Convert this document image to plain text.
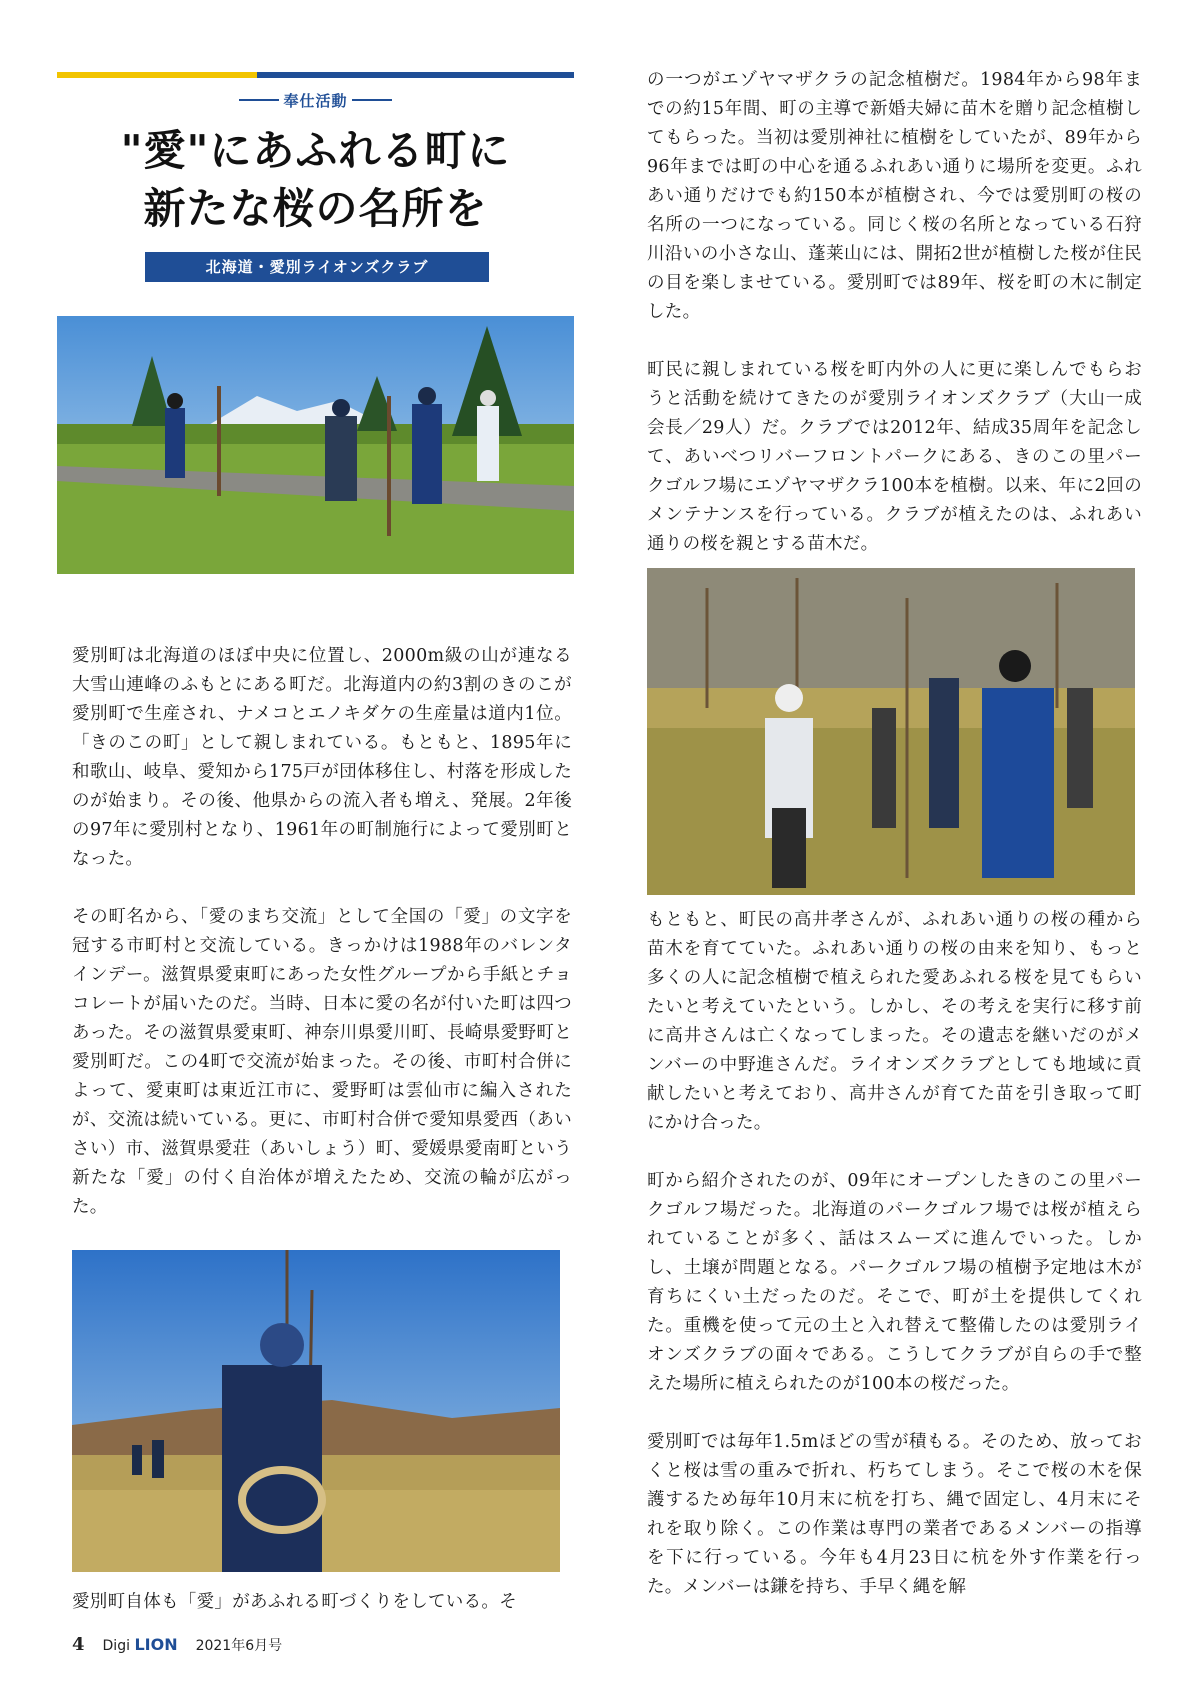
奉仕活動
"愛"にあふれる町に
新たな桜の名所を
北海道・愛別ライオンズクラブ

愛別町は北海道のほぼ中央に位置し、2000m級の山が連なる大雪山連峰のふもとにある町だ。北海道内の約3割のきのこが愛別町で生産され、ナメコとエノキダケの生産量は道内1位。「きのこの町」として親しまれている。もともと、1895年に和歌山、岐阜、愛知から175戸が団体移住し、村落を形成したのが始まり。その後、他県からの流入者も増え、発展。2年後の97年に愛別村となり、1961年の町制施行によって愛別町となった。

その町名から、「愛のまち交流」として全国の「愛」の文字を冠する市町村と交流している。きっかけは1988年のバレンタインデー。滋賀県愛東町にあった女性グループから手紙とチョコレートが届いたのだ。当時、日本に愛の名が付いた町は四つあった。その滋賀県愛東町、神奈川県愛川町、長崎県愛野町と愛別町だ。この4町で交流が始まった。その後、市町村合併によって、愛東町は東近江市に、愛野町は雲仙市に編入されたが、交流は続いている。更に、市町村合併で愛知県愛西（あいさい）市、滋賀県愛荘（あいしょう）町、愛媛県愛南町という新たな「愛」の付く自治体が増えたため、交流の輪が広がった。

愛別町自体も「愛」があふれる町づくりをしている。そ

の一つがエゾヤマザクラの記念植樹だ。1984年から98年までの約15年間、町の主導で新婚夫婦に苗木を贈り記念植樹してもらった。当初は愛別神社に植樹をしていたが、89年から96年までは町の中心を通るふれあい通りに場所を変更。ふれあい通りだけでも約150本が植樹され、今では愛別町の桜の名所の一つになっている。同じく桜の名所となっている石狩川沿いの小さな山、蓬莱山には、開拓2世が植樹した桜が住民の目を楽しませている。愛別町では89年、桜を町の木に制定した。

町民に親しまれている桜を町内外の人に更に楽しんでもらおうと活動を続けてきたのが愛別ライオンズクラブ（大山一成会長／29人）だ。クラブでは2012年、結成35周年を記念して、あいべつリバーフロントパークにある、きのこの里パークゴルフ場にエゾヤマザクラ100本を植樹。以来、年に2回のメンテナンスを行っている。クラブが植えたのは、ふれあい通りの桜を親とする苗木だ。

もともと、町民の高井孝さんが、ふれあい通りの桜の種から苗木を育てていた。ふれあい通りの桜の由来を知り、もっと多くの人に記念植樹で植えられた愛あふれる桜を見てもらいたいと考えていたという。しかし、その考えを実行に移す前に高井さんは亡くなってしまった。その遺志を継いだのがメンバーの中野進さんだ。ライオンズクラブとしても地域に貢献したいと考えており、高井さんが育てた苗を引き取って町にかけ合った。

町から紹介されたのが、09年にオープンしたきのこの里パークゴルフ場だった。北海道のパークゴルフ場では桜が植えられていることが多く、話はスムーズに進んでいった。しかし、土壌が問題となる。パークゴルフ場の植樹予定地は木が育ちにくい土だったのだ。そこで、町が土を提供してくれた。重機を使って元の土と入れ替えて整備したのは愛別ライオンズクラブの面々である。こうしてクラブが自らの手で整えた場所に植えられたのが100本の桜だった。

愛別町では毎年1.5mほどの雪が積もる。そのため、放っておくと桜は雪の重みで折れ、朽ちてしまう。そこで桜の木を保護するため毎年10月末に杭を打ち、縄で固定し、4月末にそれを取り除く。この作業は専門の業者であるメンバーの指導を下に行っている。今年も4月23日に杭を外す作業を行った。メンバーは鎌を持ち、手早く縄を解

4 Digi LION 2021年6月号
